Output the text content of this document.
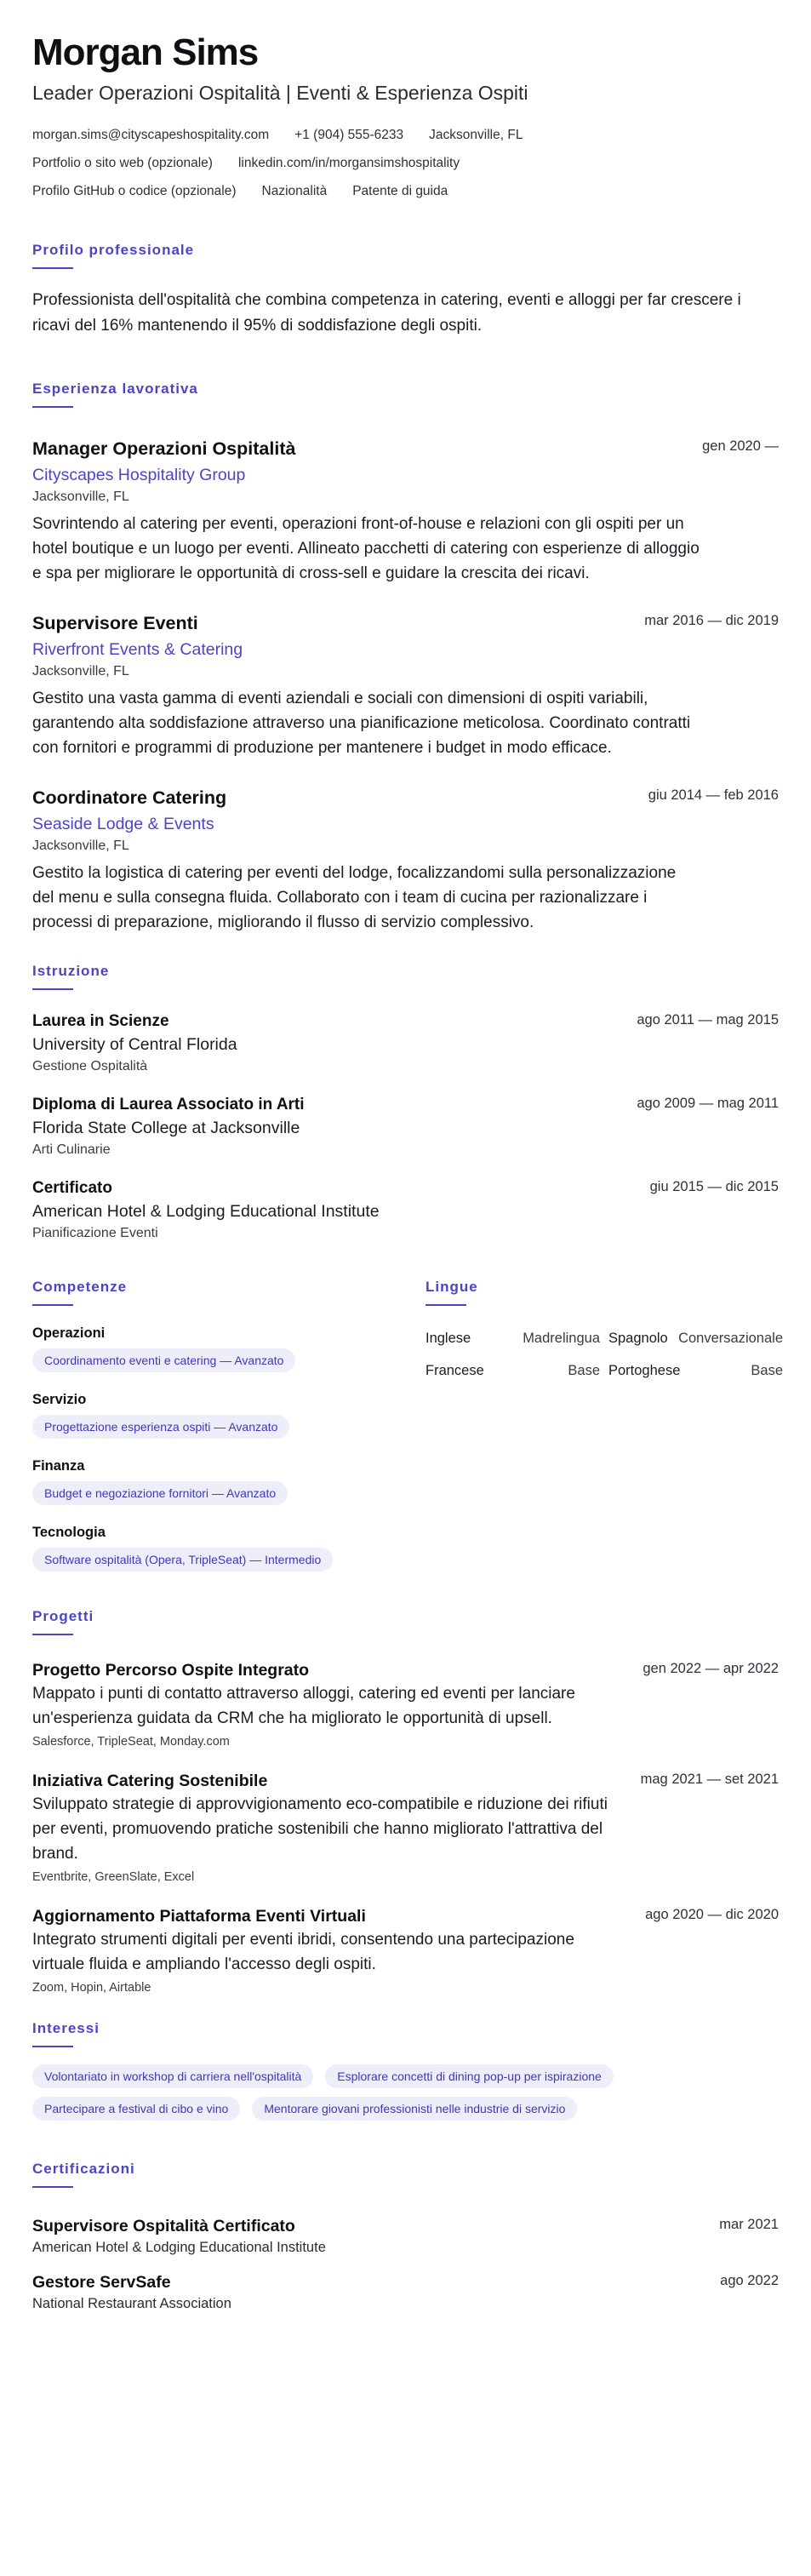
Morgan Sims
Leader Operazioni Ospitalità | Eventi & Esperienza Ospiti
morgan.sims@cityscapeshospitality.com +1 (904) 555-6233 Jacksonville, FL
Portfolio o sito web (opzionale) linkedin.com/in/morgansimshospitality
Profilo GitHub o codice (opzionale) Nazionalità Patente di guida
Profilo professionale
Professionista dell'ospitalità che combina competenza in catering, eventi e alloggi per far crescere i ricavi del 16% mantenendo il 95% di soddisfazione degli ospiti.
Esperienza lavorativa
Manager Operazioni Ospitalità	gen 2020 —
Cityscapes Hospitality Group
Jacksonville, FL
Sovrintendo al catering per eventi, operazioni front-of-house e relazioni con gli ospiti per un hotel boutique e un luogo per eventi. Allineato pacchetti di catering con esperienze di alloggio e spa per migliorare le opportunità di cross-sell e guidare la crescita dei ricavi.
Supervisore Eventi	mar 2016 — dic 2019
Riverfront Events & Catering
Jacksonville, FL
Gestito una vasta gamma di eventi aziendali e sociali con dimensioni di ospiti variabili, garantendo alta soddisfazione attraverso una pianificazione meticolosa. Coordinato contratti con fornitori e programmi di produzione per mantenere i budget in modo efficace.
Coordinatore Catering	giu 2014 — feb 2016
Seaside Lodge & Events
Jacksonville, FL
Gestito la logistica di catering per eventi del lodge, focalizzandomi sulla personalizzazione del menu e sulla consegna fluida. Collaborato con i team di cucina per razionalizzare i processi di preparazione, migliorando il flusso di servizio complessivo.
Istruzione
Laurea in Scienze	ago 2011 — mag 2015
University of Central Florida
Gestione Ospitalità
Diploma di Laurea Associato in Arti	ago 2009 — mag 2011
Florida State College at Jacksonville
Arti Culinarie
Certificato	giu 2015 — dic 2015
American Hotel & Lodging Educational Institute
Pianificazione Eventi
Competenze
Operazioni
Coordinamento eventi e catering — Avanzato
Servizio
Progettazione esperienza ospiti — Avanzato
Finanza
Budget e negoziazione fornitori — Avanzato
Tecnologia
Software ospitalità (Opera, TripleSeat) — Intermedio
Lingue
Inglese	Madrelingua Spagnolo Conversazionale
Francese	Base Portoghese	Base
Progetti
Progetto Percorso Ospite Integrato	gen 2022 — apr 2022
Mappato i punti di contatto attraverso alloggi, catering ed eventi per lanciare un'esperienza guidata da CRM che ha migliorato le opportunità di upsell.
Salesforce, TripleSeat, Monday.com
Iniziativa Catering Sostenibile	mag 2021 — set 2021
Sviluppato strategie di approvvigionamento eco-compatibile e riduzione dei rifiuti per eventi, promuovendo pratiche sostenibili che hanno migliorato l'attrattiva del brand.
Eventbrite, GreenSlate, Excel
Aggiornamento Piattaforma Eventi Virtuali	ago 2020 — dic 2020
Integrato strumenti digitali per eventi ibridi, consentendo una partecipazione virtuale fluida e ampliando l'accesso degli ospiti.
Zoom, Hopin, Airtable
Interessi
Volontariato in workshop di carriera nell'ospitalità	Esplorare concetti di dining pop-up per ispirazione
Partecipare a festival di cibo e vino	Mentorare giovani professionisti nelle industrie di servizio
Certificazioni
Supervisore Ospitalità Certificato	mar 2021
American Hotel & Lodging Educational Institute
Gestore ServSafe	ago 2022
National Restaurant Association
